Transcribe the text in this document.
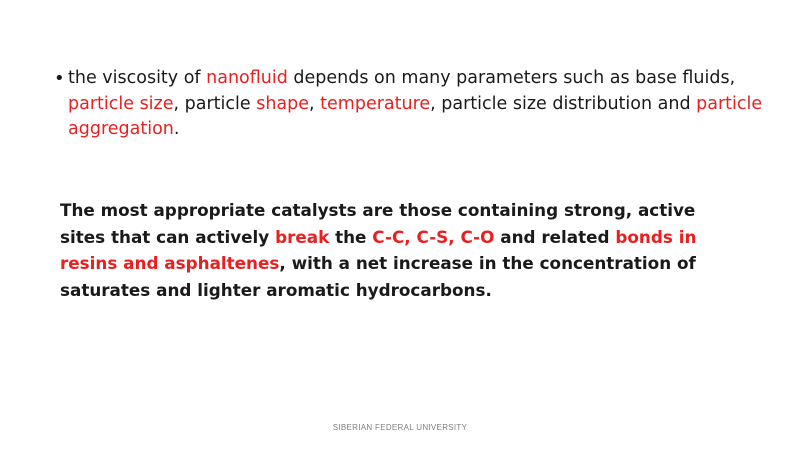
• the viscosity of nanofluid depends on many parameters such as base fluids, particle size, particle shape, temperature, particle size distribution and particle aggregation.
The most appropriate catalysts are those containing strong, active sites that can actively break the C-C, C-S, C-O and related bonds in resins and asphaltenes, with a net increase in the concentration of saturates and lighter aromatic hydrocarbons.
SIBERIAN FEDERAL UNIVERSITY
